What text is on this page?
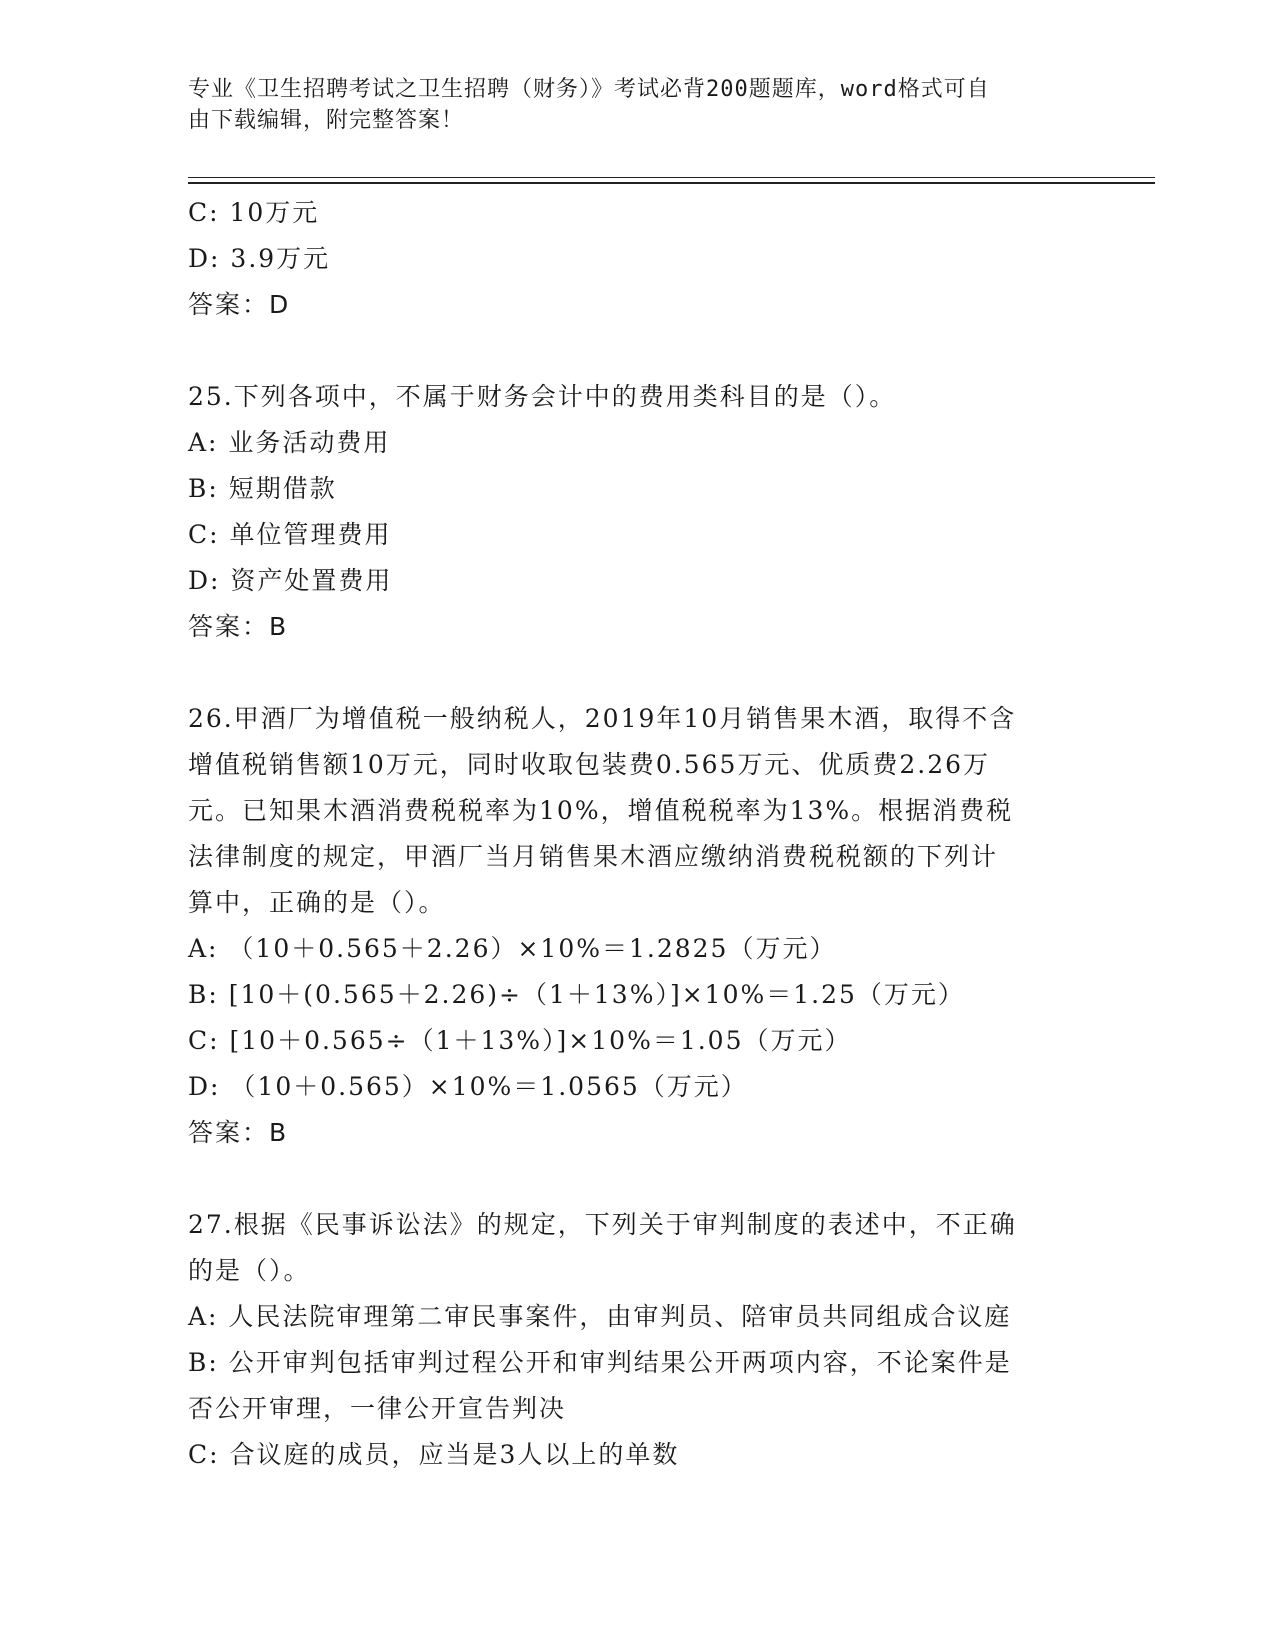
专业《卫生招聘考试之卫生招聘（财务）》考试必背200题题库，word格式可自
由下载编辑，附完整答案！
C: 10万元
D: 3.9万元
答案：D
25.下列各项中，不属于财务会计中的费用类科目的是（）。
A: 业务活动费用
B: 短期借款
C: 单位管理费用
D: 资产处置费用
答案：B
26.甲酒厂为增值税一般纳税人，2019年10月销售果木酒，取得不含
增值税销售额10万元，同时收取包装费0.565万元、优质费2.26万
元。已知果木酒消费税税率为10%，增值税税率为13%。根据消费税
法律制度的规定，甲酒厂当月销售果木酒应缴纳消费税税额的下列计
算中，正确的是（）。
A: （10＋0.565＋2.26）×10%＝1.2825（万元）
B: [10＋(0.565＋2.26)÷（1＋13%）]×10%＝1.25（万元）
C: [10＋0.565÷（1＋13%）]×10%＝1.05（万元）
D: （10＋0.565）×10%＝1.0565（万元）
答案：B
27.根据《民事诉讼法》的规定，下列关于审判制度的表述中，不正确
的是（）。
A: 人民法院审理第二审民事案件，由审判员、陪审员共同组成合议庭
B: 公开审判包括审判过程公开和审判结果公开两项内容，不论案件是
否公开审理，一律公开宣告判决
C: 合议庭的成员，应当是3人以上的单数
